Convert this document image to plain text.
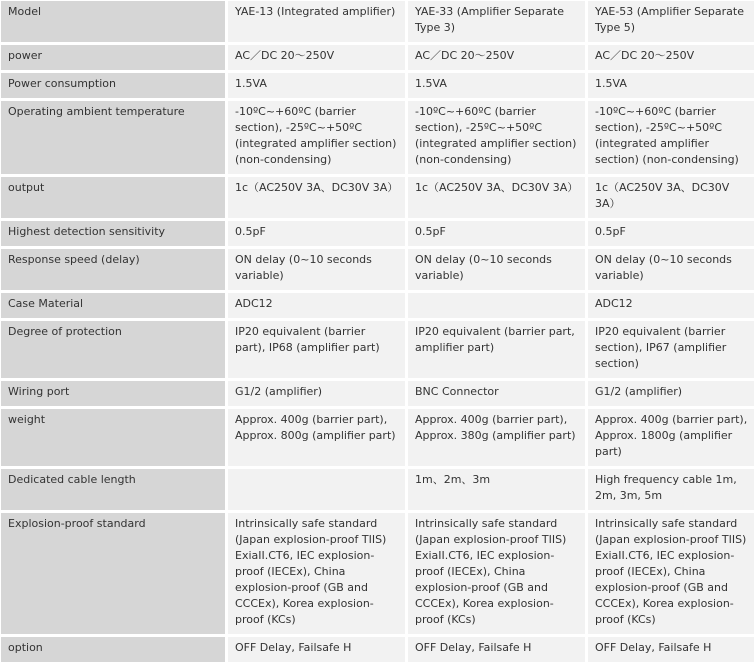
Model	YAE-13 (Integrated amplifier)	YAE-33 (Amplifier Separate Type 3)	YAE-53 (Amplifier Separate Type 5)
power	AC／DC 20～250V	AC／DC 20～250V	AC／DC 20～250V
Power consumption	1.5VA	1.5VA	1.5VA
Operating ambient temperature	-10ºC~+60ºC (barrier section), -25ºC~+50ºC (integrated amplifier section) (non-condensing)	-10ºC~+60ºC (barrier section), -25ºC~+50ºC (integrated amplifier section) (non-condensing)	-10ºC~+60ºC (barrier section), -25ºC~+50ºC (integrated amplifier section) (non-condensing)
output	1c（AC250V 3A、DC30V 3A）	1c（AC250V 3A、DC30V 3A）	1c（AC250V 3A、DC30V 3A）
Highest detection sensitivity	0.5pF	0.5pF	0.5pF
Response speed (delay)	ON delay (0~10 seconds variable)	ON delay (0~10 seconds variable)	ON delay (0~10 seconds variable)
Case Material	ADC12		ADC12
Degree of protection	IP20 equivalent (barrier part), IP68 (amplifier part)	IP20 equivalent (barrier part, amplifier part)	IP20 equivalent (barrier section), IP67 (amplifier section)
Wiring port	G1/2 (amplifier)	BNC Connector	G1/2 (amplifier)
weight	Approx. 400g (barrier part), Approx. 800g (amplifier part)	Approx. 400g (barrier part), Approx. 380g (amplifier part)	Approx. 400g (barrier part), Approx. 1800g (amplifier part)
Dedicated cable length		1m、2m、3m	High frequency cable 1m, 2m, 3m, 5m
Explosion-proof standard	Intrinsically safe standard (Japan explosion-proof TIIS) ExiaII.CT6, IEC explosion-proof (IECEx), China explosion-proof (GB and CCCEx), Korea explosion-proof (KCs)	Intrinsically safe standard (Japan explosion-proof TIIS) ExiaII.CT6, IEC explosion-proof (IECEx), China explosion-proof (GB and CCCEx), Korea explosion-proof (KCs)	Intrinsically safe standard (Japan explosion-proof TIIS) ExiaII.CT6, IEC explosion-proof (IECEx), China explosion-proof (GB and CCCEx), Korea explosion-proof (KCs)
option	OFF Delay, Failsafe H	OFF Delay, Failsafe H	OFF Delay, Failsafe H
